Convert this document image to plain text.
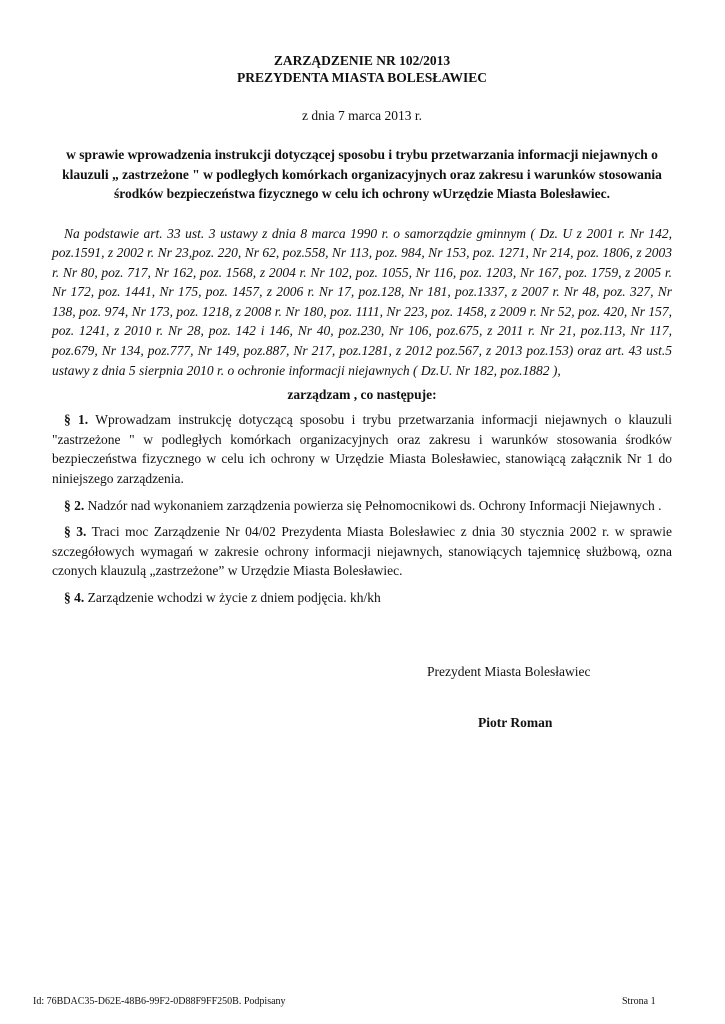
ZARZĄDZENIE NR 102/2013
PREZYDENTA MIASTA BOLESŁAWIEC
z dnia 7 marca 2013 r.
w sprawie wprowadzenia instrukcji dotyczącej sposobu i trybu przetwarzania informacji niejawnych o klauzuli „ zastrzeżone " w podległych komórkach organizacyjnych oraz zakresu i warunków stosowania środków bezpieczeństwa fizycznego w celu ich ochrony wUrzędzie Miasta Bolesławiec.
Na podstawie art. 33 ust. 3 ustawy z dnia 8 marca 1990 r. o samorządzie gminnym ( Dz. U z 2001 r. Nr 142, poz.1591, z 2002 r. Nr 23,poz. 220, Nr 62, poz.558, Nr 113, poz. 984, Nr 153, poz. 1271, Nr 214, poz. 1806, z 2003 r. Nr 80, poz. 717, Nr 162, poz. 1568, z 2004 r. Nr 102, poz. 1055, Nr 116, poz. 1203, Nr 167, poz. 1759, z 2005 r. Nr 172, poz. 1441, Nr 175, poz. 1457, z 2006 r. Nr 17, poz.128, Nr 181, poz.1337, z 2007 r. Nr 48, poz. 327, Nr 138, poz. 974, Nr 173, poz. 1218, z 2008 r. Nr 180, poz. 1111, Nr 223, poz. 1458, z 2009 r. Nr 52, poz. 420, Nr 157, poz. 1241, z 2010 r. Nr 28, poz. 142 i 146, Nr 40, poz.230, Nr 106, poz.675, z 2011 r. Nr 21, poz.113, Nr 117, poz.679, Nr 134, poz.777, Nr 149, poz.887, Nr 217, poz.1281, z 2012 poz.567, z 2013 poz.153) oraz art. 43 ust.5 ustawy z dnia 5 sierpnia 2010 r. o ochronie informacji niejawnych ( Dz.U. Nr 182, poz.1882 ),
zarządzam , co następuje:
§ 1. Wprowadzam instrukcję dotyczącą sposobu i trybu przetwarzania informacji niejawnych o klauzuli "zastrzeżone " w podległych komórkach organizacyjnych oraz zakresu i warunków stosowania środków bezpieczeństwa fizycznego w celu ich ochrony w Urzędzie Miasta Bolesławiec, stanowiącą załącznik Nr 1 do niniejszego zarządzenia.
§ 2. Nadzór nad wykonaniem zarządzenia powierza się Pełnomocnikowi ds. Ochrony Informacji Niejawnych .
§ 3. Traci moc Zarządzenie Nr 04/02 Prezydenta Miasta Bolesławiec z dnia 30 stycznia 2002 r. w sprawie szczegółowych wymagań w zakresie ochrony informacji niejawnych, stanowiących tajemnicę służbową, ozna czonych klauzulą „zastrzeżone” w Urzędzie Miasta Bolesławiec.
§ 4. Zarządzenie wchodzi w życie z dniem podjęcia. kh/kh
Prezydent Miasta Bolesławiec
Piotr Roman
Id: 76BDAC35-D62E-48B6-99F2-0D88F9FF250B. Podpisany	Strona 1
